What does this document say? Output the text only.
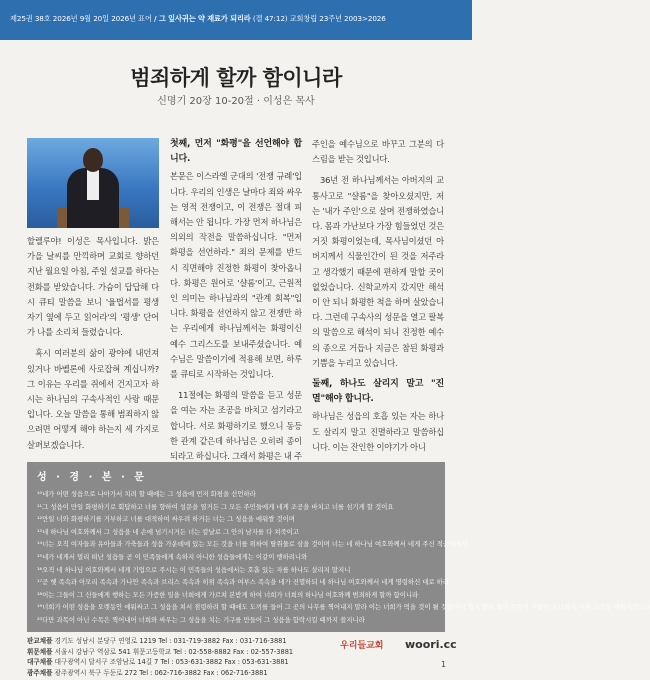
제25권 38호 2026년 9월 20일 2026년 표어 / 그 잎사귀는 약 재료가 되리라 (겔 47:12) 교회창립 23주년 2003>2026
범죄하게 할까 함이니라
신명기 20장 10-20절 · 이성은 목사

할렐루야! 이성은 목사입니다. 밝은 가을 날씨를 만끽하며 교회로 향하던 지난 월요일 아침, 주일 설교를 하다는 전화를 받았습니다. 가슴이 답답해 다시 큐티 말씀을 보니 '율법서를 평생 자기 옆에 두고 읽어라'의 '평생' 단어가 나를 소리쳐 들렸습니다.

혹시 여러분의 삶이 광야에 내던져 있거나 바벨론에 사로잡혀 계십니까? 그 이유는 우리를 쥐에서 건지고자 하시는 하나님의 구속사적인 사랑 때문입니다. 오늘 말씀을 통해 범죄하지 않으려면 어떻게 해야 하는지 세 가지로 살펴보겠습니다.

첫째, 먼저 "화평"을 선언해야 합니다.

본문은 이스라엘 군대의 '전쟁 규례'입니다. 우리의 인생은 날마다 죄와 싸우는 영적 전쟁이고, 이 전쟁은 절대 피해서는 안 됩니다. 가장 먼저 하나님은 의외의 작전을 말씀하십니다. "먼저 화평을 선언하라." 죄의 문제를 반드시 직면해야 진정한 화평이 찾아옵니다. 화평은 원어로 '샬롬'이고, 근원적인 의미는 하나님과의 "관계 회복"입니다. 화평을 선언하지 않고 전쟁만 하는 우리에게 하나님께서는 화평이신 예수 그리스도를 보내주셨습니다. 예수님은 말씀이기에 적용해 보면, 하루를 큐티로 시작하는 것입니다.

11절에는 화평의 말씀을 듣고 성문을 여는 자는 조공을 바치고 섬기라고 합니다. 서로 화평하기로 했으니 동등한 관계 같은데 하나님은 오히려 종이 되라고 하십니다. 그래서 화평은 내 주

주인을 예수님으로 바꾸고 그분의 다스림을 받는 것입니다.

36년 전 하나님께서는 아버지의 교통사고로 "샬롬"을 찾아오셨지만, 저는 '내가 주인'으로 살며 전쟁하였습니다. 몸과 가난보다 가장 힘들었던 것은 거짓 화평이었는데, 목사님이셨던 아버지께서 식물인간이 된 것을 저주라고 생각했기 때문에 편하게 말할 곳이 없었습니다. 신학교까지 갔지만 해석이 안 되니 화평한 척을 하며 살았습니다. 그런데 구속사의 성문을 열고 팔복의 말씀으로 해석이 되니 진정한 예수의 종으로 거듭나 지금은 참된 화평과 기쁨을 누리고 있습니다.

둘째, 하나도 살리지 말고 "진멸"해야 합니다.

하나님은 성읍의 호흡 있는 자는 하나도 살리지 말고 진멸하라고 말씀하십니다. 이는 잔인한 이야기가 아니

성 · 경 · 본 · 문
¹⁰네가 어떤 성읍으로 나아가서 치려 할 때에는 그 성읍에 먼저 화평을 선언하라
¹¹그 성읍이 만일 화평하기로 회답하고 너를 향하여 성문을 열거든 그 모든 주민들에게 네게 조공을 바치고 너를 섬기게 할 것이요
¹²만일 너와 화평하기를 거부하고 너를 대적하여 싸우려 하거든 너는 그 성읍을 에워쌀 것이며
¹³네 하나님 여호와께서 그 성읍을 네 손에 넘기시거든 너는 칼날로 그 안의 남자를 다 쳐죽이고
¹⁴너는 오직 여자들과 유아들과 가축들과 성읍 가운데에 있는 모든 것을 너를 위하여 탈취물로 삼을 것이며 너는 네 하나님 여호와께서 네게 주신 적군에게서
¹⁵네가 네게서 멀리 떠난 성읍들 곧 이 민족들에게 속하지 아니한 성읍들에게는 이같이 행하려니와
¹⁶오직 네 하나님 여호와께서 네게 기업으로 주시는 이 민족들의 성읍에서는 호흡 있는 자를 하나도 살리지 말지니
¹⁷곧 헷 족속과 아모리 족속과 가나안 족속과 브리스 족속과 히위 족속과 여부스 족속을 네가 진멸하되 네 하나님 여호와께서 네게 명령하신 대로 하라
¹⁸이는 그들이 그 신들에게 행하는 모든 가증한 일을 너희에게 가르쳐 본받게 하여 너희가 너희의 하나님 여호와께 범죄하게 할까 함이니라
¹⁹너희가 어떤 성읍을 오랫동안 에워싸고 그 성읍을 쳐서 점령하려 할 때에도 도끼를 들어 그 곳의 나무를 찍어내지 말라 이는 너희가 먹을 것이 될 것임이니 찍지 말라 들의 수목이 사람이냐 너희가 어찌 그것을 에워싸겠느냐
²⁰다만 과목이 아닌 수목은 찍어내어 너희와 싸우는 그 성읍을 치는 기구를 만들어 그 성읍을 함락시킬 때까지 쓸지니라
판교채플 경기도 성남시 분당구 연영로 1219 Tel : 031-719-3882 Fax : 031-716-3881
휘문채플 서울시 강남구 역삼로 541 휘문고등학교 Tel : 02-558-8882 Fax : 02-557-3881
대구채플 대구광역시 달서구 조암남로 14길 7 Tel : 053-631-3882 Fax : 053-631-3881
광주채플 광주광역시 북구 두둔로 272 Tel : 062-716-3882 Fax : 062-716-3881
우리들교회 woori.cc
1
